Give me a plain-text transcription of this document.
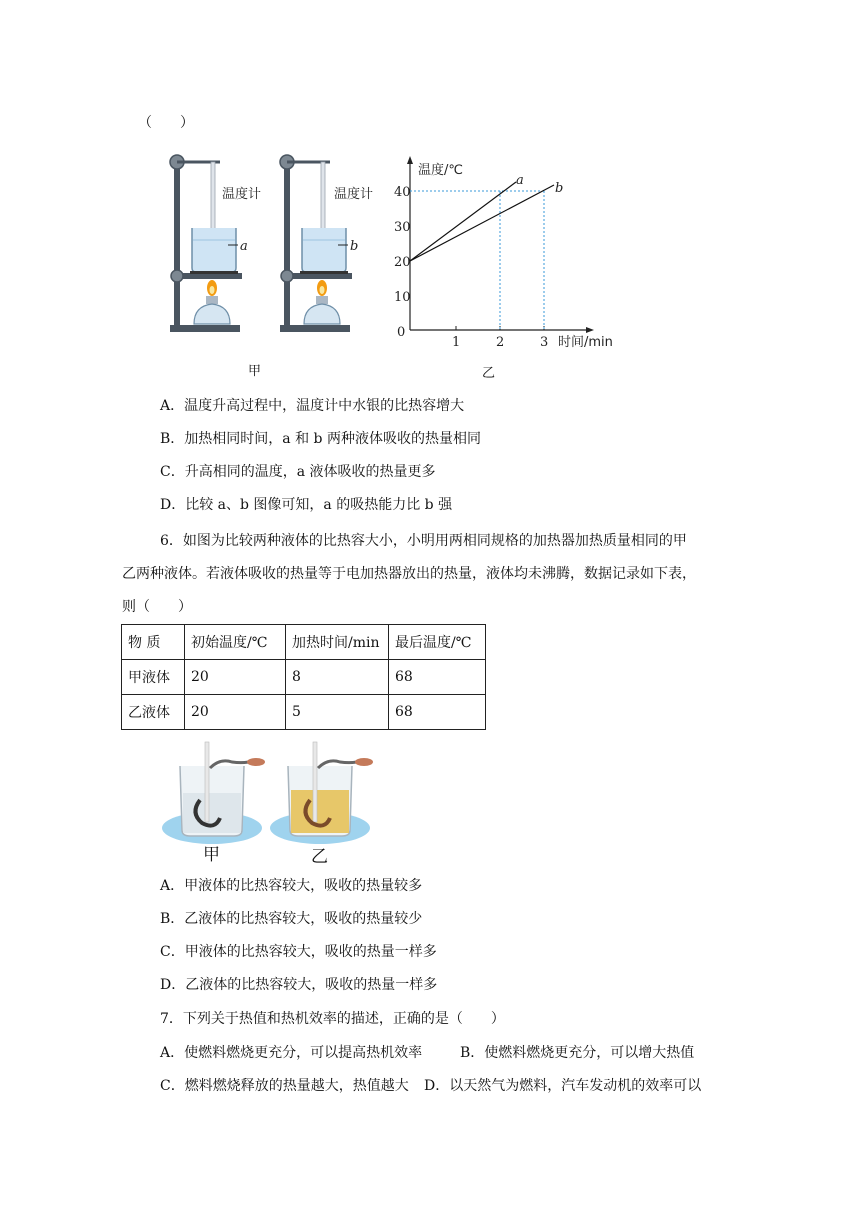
（　　）
温度计
a
温度计
b
温度/℃
时间/min
0
10
20
30
40
1	2	3
a
b
甲	乙
A．温度升高过程中，温度计中水银的比热容增大
B．加热相同时间，a 和 b 两种液体吸收的热量相同
C．升高相同的温度，a 液体吸收的热量更多
D．比较 a、b 图像可知，a 的吸热能力比 b 强
6．如图为比较两种液体的比热容大小，小明用两相同规格的加热器加热质量相同的甲
乙两种液体。若液体吸收的热量等于电加热器放出的热量，液体均未沸腾，数据记录如下表，
则（　　）
物 质	初始温度/℃	加热时间/min	最后温度/℃
甲液体	20	8	68
乙液体	20	5	68
甲	乙
A．甲液体的比热容较大，吸收的热量较多
B．乙液体的比热容较大，吸收的热量较少
C．甲液体的比热容较大，吸收的热量一样多
D．乙液体的比热容较大，吸收的热量一样多
7．下列关于热值和热机效率的描述，正确的是（　　）
A．使燃料燃烧更充分，可以提高热机效率	B．使燃料燃烧更充分，可以增大热值
C．燃料燃烧释放的热量越大，热值越大 D．以天然气为燃料，汽车发动机的效率可以
